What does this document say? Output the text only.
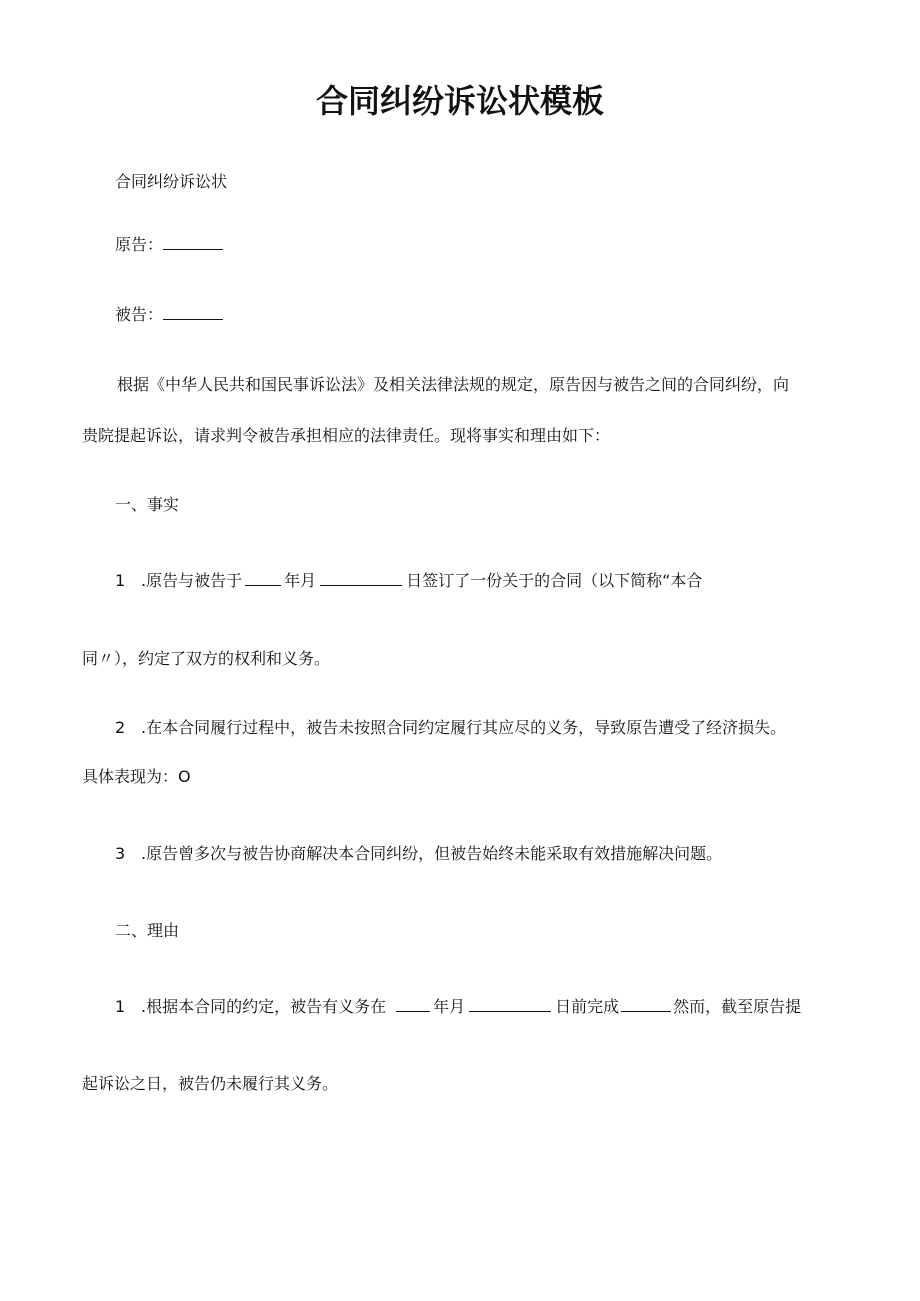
合同纠纷诉讼状模板
合同纠纷诉讼状
原告：
被告：
根据《中华人民共和国民事诉讼法》及相关法律法规的规定，原告因与被告之间的合同纠纷，向
贵院提起诉讼，请求判令被告承担相应的法律责任。现将事实和理由如下：
一、事实
1 .原告与被告于	年月	日签订了一份关于的合同（以下简称“本合
同〃），约定了双方的权利和义务。
2 .在本合同履行过程中，被告未按照合同约定履行其应尽的义务，导致原告遭受了经济损失。
具体表现为：O
3 .原告曾多次与被告协商解决本合同纠纷，但被告始终未能采取有效措施解决问题。
二、理由
1 .根据本合同的约定，被告有义务在	年月	日前完成	然而，截至原告提
起诉讼之日，被告仍未履行其义务。
